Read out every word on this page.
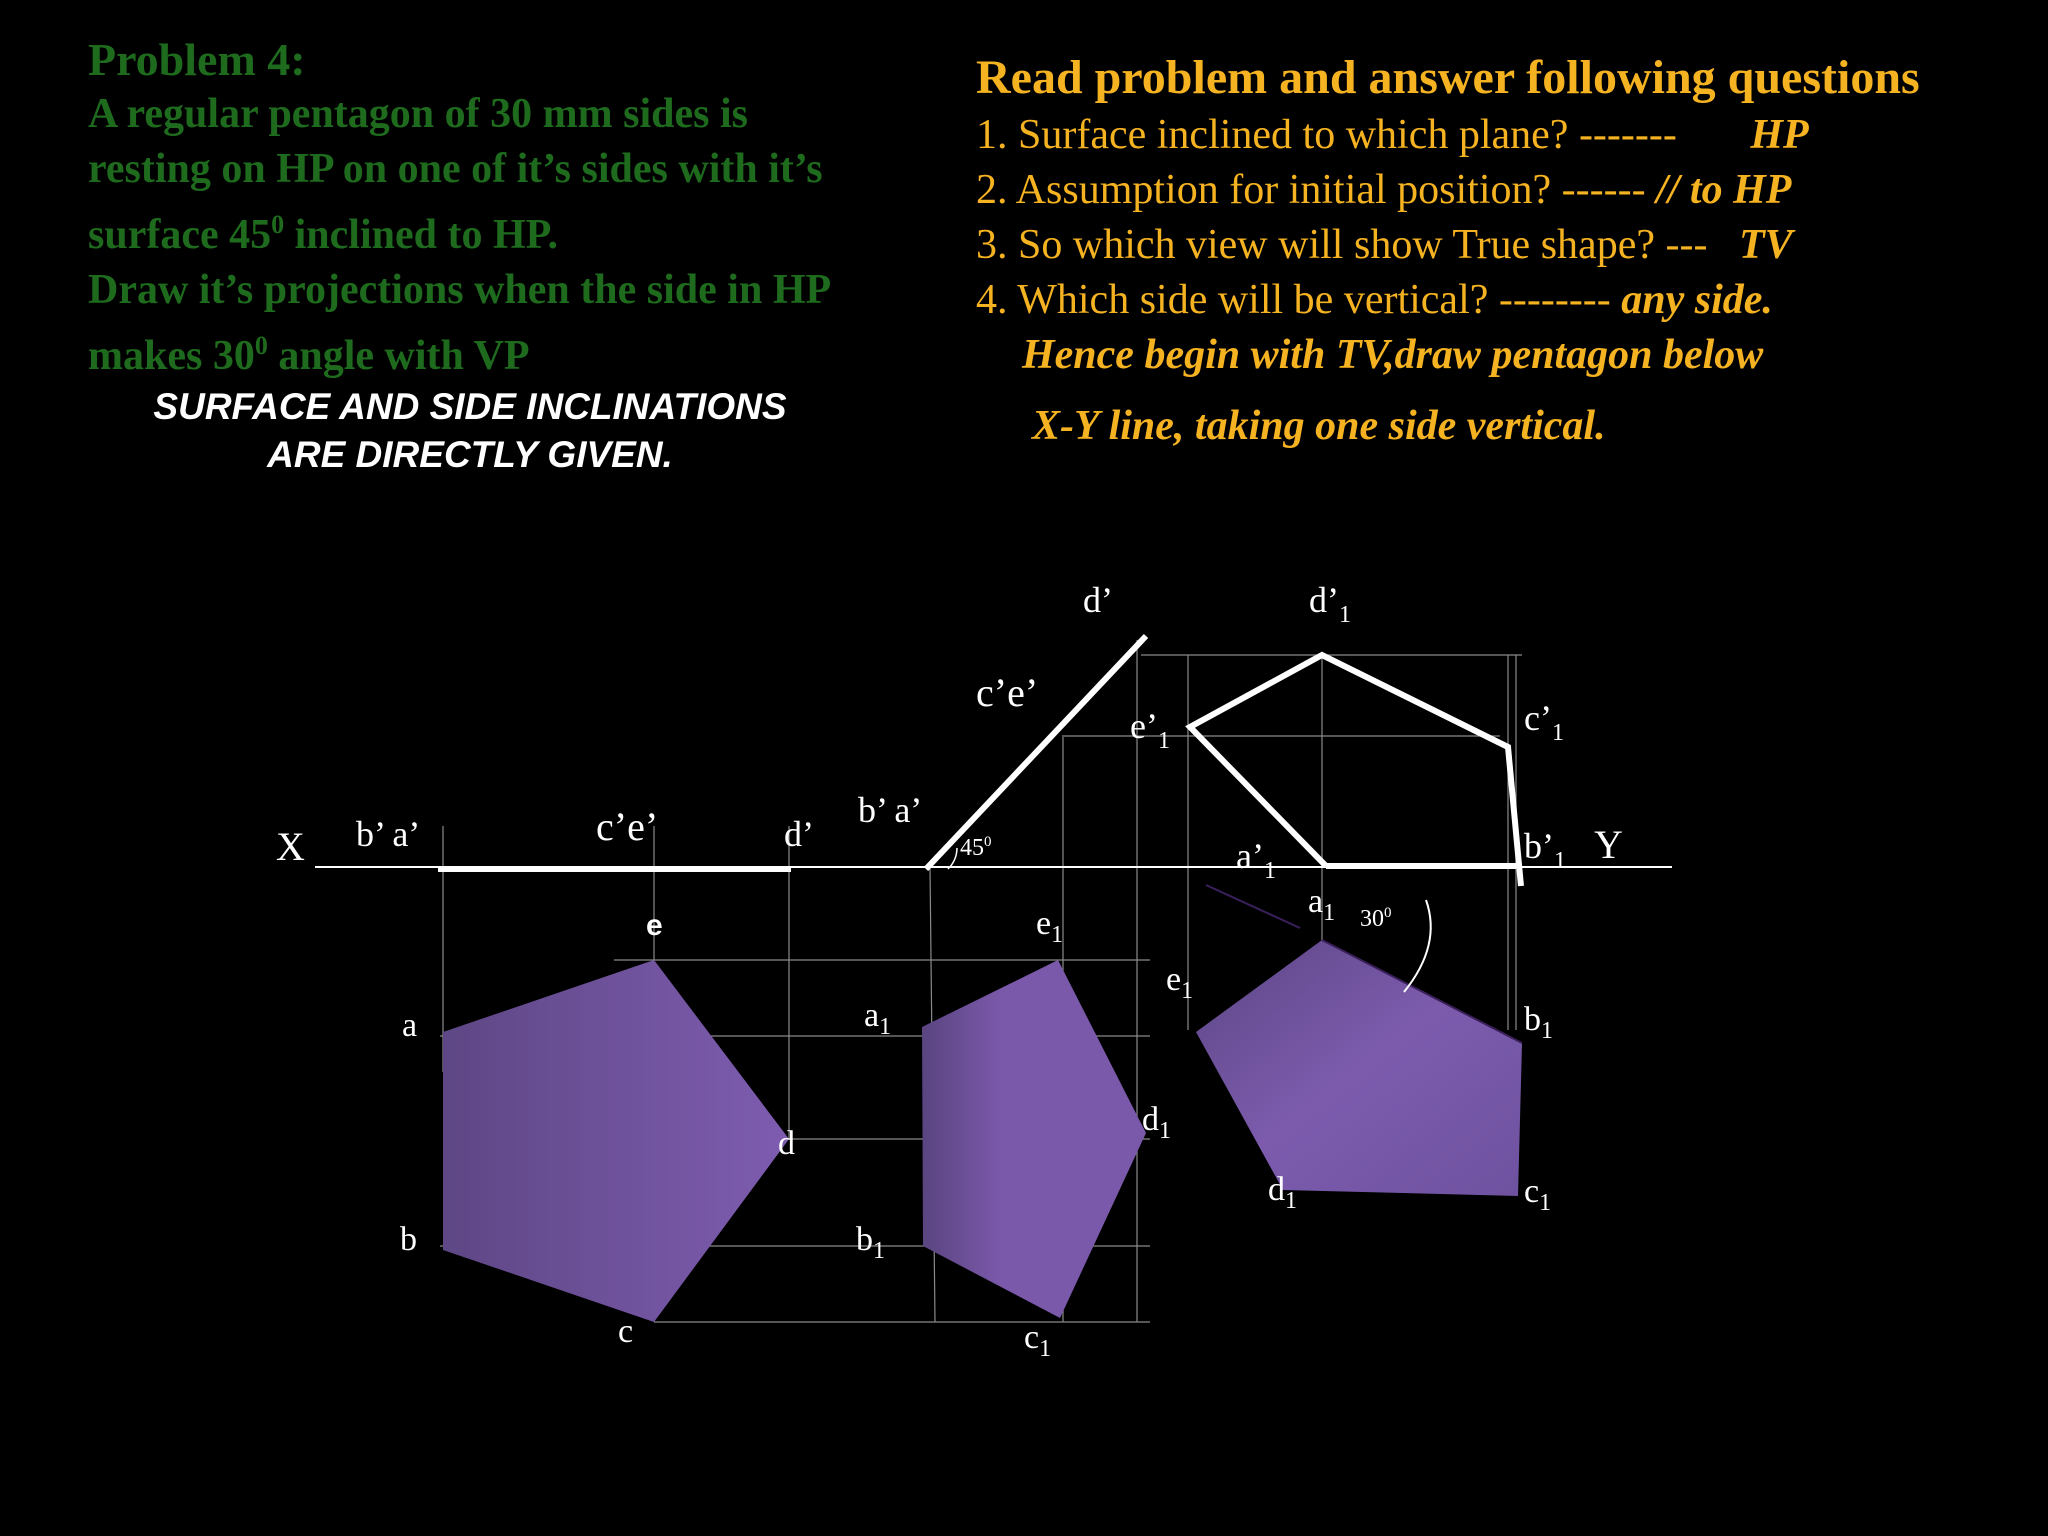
Problem 4:
A regular pentagon of 30 mm sides is
resting on HP on one of it’s sides with it’s
surface $45^0$ inclined to HP.
Draw it’s projections when the side in HP
makes $30^0$ angle with VP
SURFACE AND SIDE INCLINATIONS
ARE DIRECTLY GIVEN.
Read problem and answer following questions
1. Surface inclined to which plane? ------- HP
2. Assumption for initial position? ------ // to HP
3. So which view will show True shape? --- TV
4. Which side will be vertical? -------- any side.
Hence begin with TV,draw pentagon below
X-Y line, taking one side vertical.
X	Y
b’ a’	c’e’	d’
a
b
c
d
e
b’ a’
c’e’
d’
$45^0$
$a_1$
$b_1$
$c_1$
$d_1$
$e_1$
$d’_1$
$e’_1$
$c’_1$
$a’_1$
$b’_1$
$a_1$
$b_1$
$c_1$
$d_1$
$e_1$
$30^0$
